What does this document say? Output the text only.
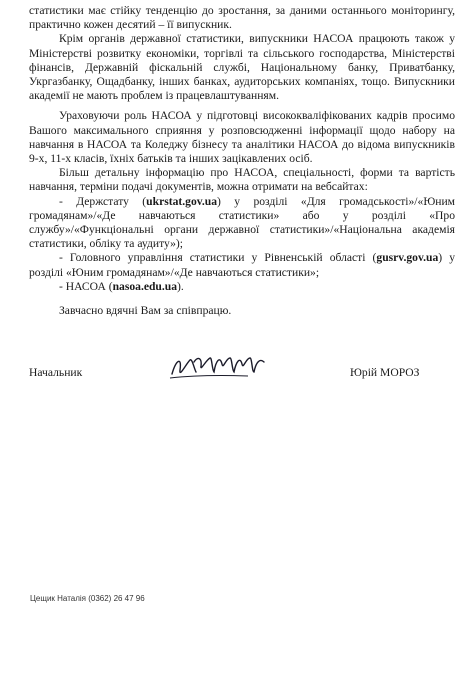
статистики має стійку тенденцію до зростання, за даними останнього моніторингу, практично кожен десятий – її випускник.

Крім органів державної статистики, випускники НАСОА працюють також у Міністерстві розвитку економіки, торгівлі та сільського господарства, Міністерстві фінансів, Державній фіскальній службі, Національному банку, Приватбанку, Укргазбанку, Ощадбанку, інших банках, аудиторських компаніях, тощо. Випускники академії не мають проблем із працевлаштуванням.

Ураховуючи роль НАСОА у підготовці висококваліфікованих кадрів просимо Вашого максимального сприяння у розповсюдженні інформації щодо набору на навчання в НАСОА та Коледжу бізнесу та аналітики НАСОА до відома випускників 9-х, 11-х класів, їхніх батьків та інших зацікавлених осіб.

Більш детальну інформацію про НАСОА, спеціальності, форми та вартість навчання, терміни подачі документів, можна отримати на вебсайтах:

- Держстату (ukrstat.gov.ua) у розділі «Для громадськості»/«Юним громадянам»/«Де навчаються статистики» або у розділі «Про службу»/«Функціональні органи державної статистики»/«Національна академія статистики, обліку та аудиту»);

- Головного управління статистики у Рівненській області (gusrv.gov.ua) у розділі «Юним громадянам»/«Де навчаються статистики»;

- НАСОА (nasoa.edu.ua).

Завчасно вдячні Вам за співпрацю.

Начальник	Юрій МОРОЗ
Цещик Наталія (0362) 26 47 96
